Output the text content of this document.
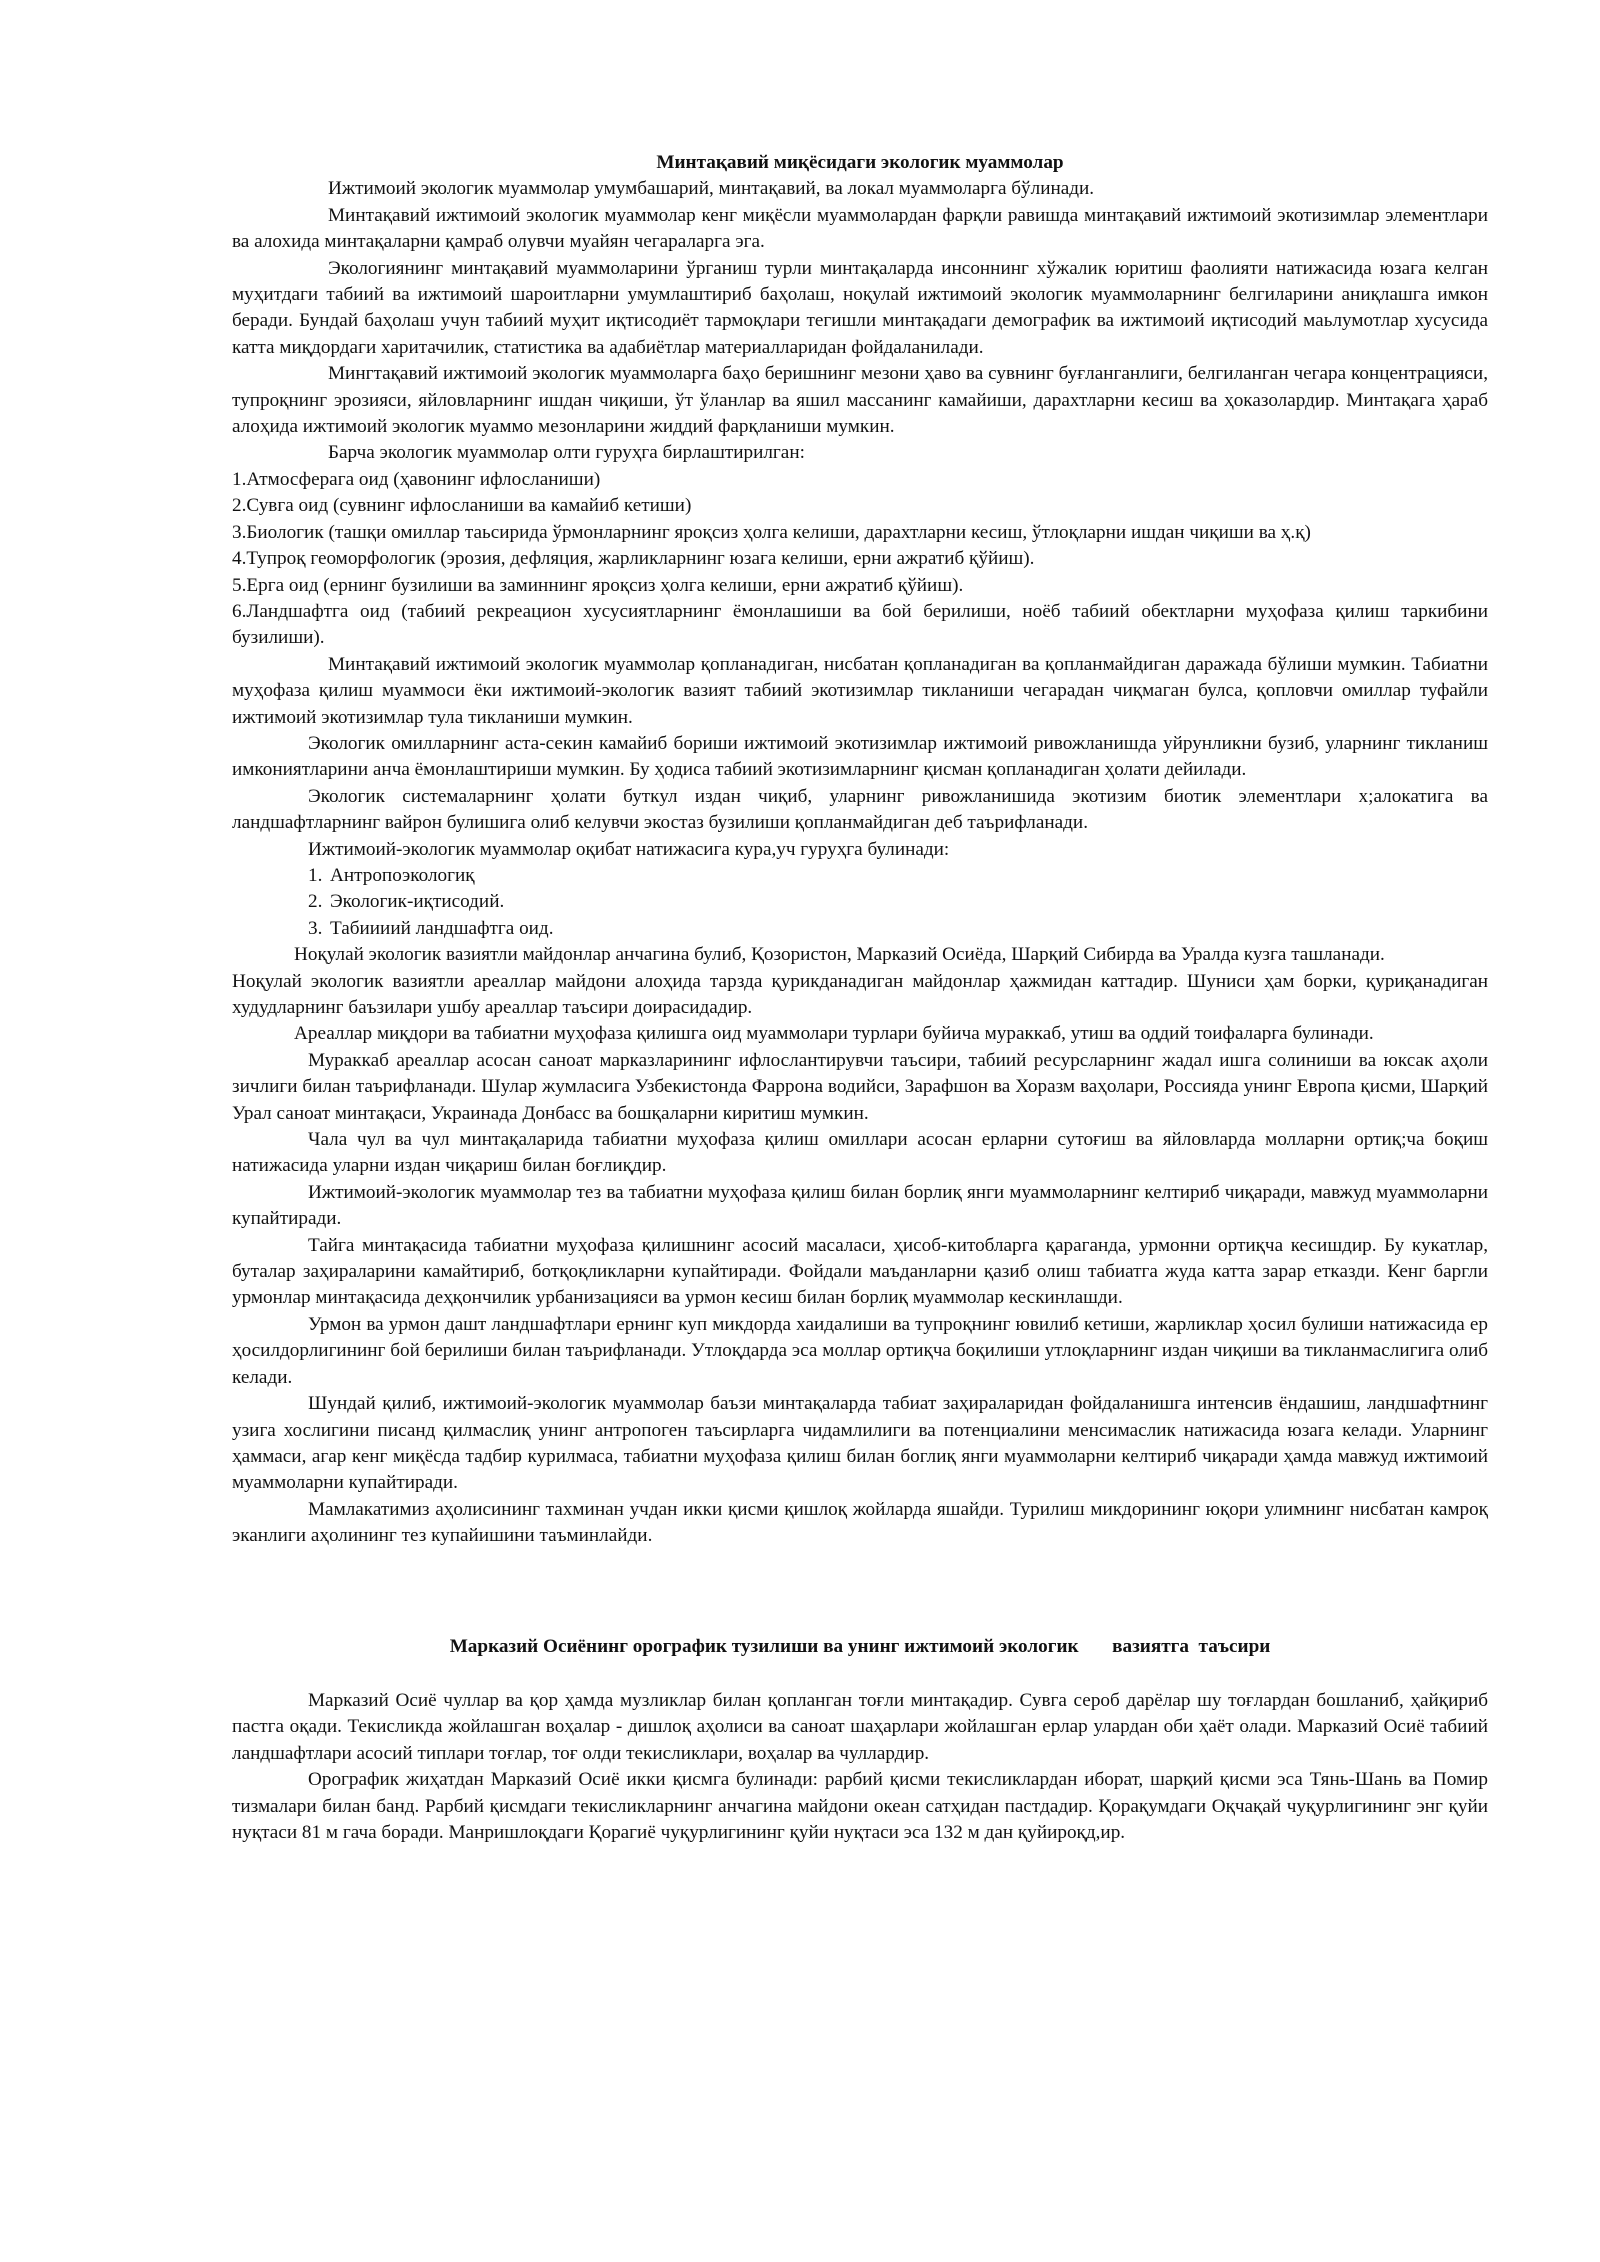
Минтақавий миқёсидаги экологик муаммолар

Ижтимоий экологик муаммолар умумбашарий, минтақавий, ва локал муаммоларга бўлинади.

Минтақавий ижтимоий экологик муаммолар кенг миқёсли муаммолардан фарқли равишда минтақавий ижтимоий экотизимлар элементлари ва алохида минтақаларни қамраб олувчи муайян чегараларга эга.

Экологиянинг минтақавий муаммоларини ўрганиш турли минтақаларда инсоннинг хўжалик юритиш фаолияти натижасида юзага келган муҳитдаги табиий ва ижтимоий шароитларни умумлаштириб баҳолаш, ноқулай ижтимоий экологик муаммоларнинг белгиларини аниқлашга имкон беради. Бундай баҳолаш учун табиий муҳит иқтисодиёт тармоқлари тегишли минтақадаги демографик ва ижтимоий иқтисодий маьлумотлар хусусида катта миқдордаги харитачилик, статистика ва адабиётлар материалларидан фойдаланилади.

Мингтақавий ижтимоий экологик муаммоларга баҳо беришнинг мезони ҳаво ва сувнинг буғланганлиги, белгиланган чегара концентрацияси, тупроқнинг эрозияси, яйловларнинг ишдан чиқиши, ўт ўланлар ва яшил массанинг камайиши, дарахтларни кесиш ва ҳоказолардир. Минтақага ҳараб алоҳида ижтимоий экологик муаммо мезонларини жиддий фарқланиши мумкин.

Барча экологик муаммолар олти гуруҳга бирлаштирилган:

1.Атмосферага оид (ҳавонинг ифлосланиши)
2.Сувга оид (сувнинг ифлосланиши ва камайиб кетиши)
3.Биологик (ташқи омиллар таьсирида ўрмонларнинг яроқсиз ҳолга келиши, дарахтларни кесиш, ўтлоқларни ишдан чиқиши ва ҳ.қ)
4.Тупроқ геоморфологик (эрозия, дефляция, жарликларнинг юзага келиши, ерни ажратиб қўйиш).
5.Ерга оид (ернинг бузилиши ва заминнинг яроқсиз ҳолга келиши, ерни ажратиб қўйиш).
6.Ландшафтга оид (табиий рекреацион хусусиятларнинг ёмонлашиши ва бой берилиши, ноёб табиий обектларни муҳофаза қилиш таркибини бузилиши).

Минтақавий ижтимоий экологик муаммолар қопланадиган, нисбатан қопланадиган ва қопланмайдиган даражада бўлиши мумкин. Табиатни муҳофаза қилиш муаммоси ёки ижтимоий-экологик вазият табиий экотизимлар тикланиши чегарадан чиқмаган булса, қопловчи омиллар туфайли ижтимоий экотизимлар тула тикланиши мумкин.

Экологик омилларнинг аста-секин камайиб бориши ижтимоий экотизимлар ижтимоий ривожланишда уйрунликни бузиб, уларнинг тикланиш имкониятларини анча ёмонлаштириши мумкин. Бу ҳодиса табиий экотизимларнинг қисман қопланадиган ҳолати дейилади.

Экологик системаларнинг ҳолати буткул издан чиқиб, уларнинг ривожланишида экотизим биотик элементлари х;алокатига ва ландшафтларнинг вайрон булишига олиб келувчи экостаз бузилиши қопланмайдиган деб таърифланади.

Ижтимоий-экологик муаммолар оқибат натижасига кура,уч гуруҳга булинади:

1. Антропоэкологиқ
2. Экологик-иқтисодий.
3. Табиииий ландшафтга оид.

Ноқулай экологик вазиятли майдонлар анчагина булиб, Қозористон, Марказий Осиёда, Шарқий Сибирда ва Уралда кузга ташланади.

Ноқулай экологик вазиятли ареаллар майдони алоҳида тарзда қурикданадиган майдонлар ҳажмидан каттадир. Шуниси ҳам борки, қуриқанадиган худудларнинг баъзилари ушбу ареаллар таъсири доирасидадир.

Ареаллар миқдори ва табиатни муҳофаза қилишга оид муаммолари турлари буйича мураккаб, утиш ва оддий тоифаларга булинади.

Мураккаб ареаллар асосан саноат марказларининг ифлослантирувчи таъсири, табиий ресурсларнинг жадал ишга солиниши ва юксак аҳоли зичлиги билан таърифланади. Шулар жумласига Узбекистонда Фаррона водийси, Зарафшон ва Хоразм ваҳолари, Россияда унинг Европа қисми, Шарқий Урал саноат минтақаси, Украинада Донбасс ва бошқаларни киритиш мумкин.

Чала чул ва чул минтақаларида табиатни муҳофаза қилиш омиллари асосан ерларни сутоғиш ва яйловларда молларни ортиқ;ча боқиш натижасида уларни издан чиқариш билан боғлиқдир.

Ижтимоий-экологик муаммолар тез ва табиатни муҳофаза қилиш билан борлиқ янги муаммоларнинг келтириб чиқаради, мавжуд муаммоларни купайтиради.

Тайга минтақасида табиатни муҳофаза қилишнинг асосий масаласи, ҳисоб-китобларга қараганда, урмонни ортиқча кесишдир. Бу кукатлар, буталар заҳираларини камайтириб, ботқоқликларни купайтиради. Фойдали маъданларни қазиб олиш табиатга жуда катта зарар етказди. Кенг баргли урмонлар минтақасида деҳқончилик урбанизацияси ва урмон кесиш билан борлиқ муаммолар кескинлашди.

Урмон ва урмон дашт ландшафтлари ернинг куп микдорда хаидалиши ва тупроқнинг ювилиб кетиши, жарликлар ҳосил булиши натижасида ер ҳосилдорлигининг бой берилиши билан таърифланади. Утлоқдарда эса моллар ортиқча боқилиши утлоқларнинг издан чиқиши ва тикланмаслигига олиб келади.

Шундай қилиб, ижтимоий-экологик муаммолар баъзи минтақаларда табиат заҳираларидан фойдаланишга интенсив ёндашиш, ландшафтнинг узига хослигини писанд қилмаслиқ унинг антропоген таъсирларга чидамлилиги ва потенциалини менсимаслик натижасида юзага келади. Уларнинг ҳаммаси, агар кенг миқёсда тадбир курилмаса, табиатни муҳофаза қилиш билан боглиқ янги муаммоларни келтириб чиқаради ҳамда мавжуд ижтимоий муаммоларни купайтиради.

Мамлакатимиз аҳолисининг тахминан учдан икки қисми қишлоқ жойларда яшайди. Турилиш микдорининг юқори улимнинг нисбатан камроқ эканлиги аҳолининг тез купайишини таъминлайди.

Марказий Осиёнинг орографик тузилиши ва унинг ижтимоий экологик       вазиятга  таъсири

Марказий Осиё чуллар ва қор ҳамда музликлар билан қопланган тоғли минтақадир. Сувга сероб дарёлар шу тоғлардан бошланиб, ҳайқириб пастга оқади. Текисликда жойлашган воҳалар - дишлоқ аҳолиси ва саноат шаҳарлари жойлашган ерлар улардан оби ҳаёт олади. Марказий Осиё табиий ландшафтлари асосий типлари тоғлар, тоғ олди текисликлари, воҳалар ва чуллардир.

Орографик жиҳатдан Марказий Осиё икки қисмга булинади: рарбий қисми текисликлардан иборат, шарқий қисми эса Тянь-Шань ва Помир тизмалари билан банд. Рарбий қисмдаги текисликларнинг анчагина майдони океан сатҳидан пастдадир. Қорақумдаги Оқчақай чуқурлигининг энг қуйи нуқтаси 81 м гача боради. Манришлоқдаги Қорагиё чуқурлигининг қуйи нуқтаси эса 132 м дан қуйироқд,ир.
